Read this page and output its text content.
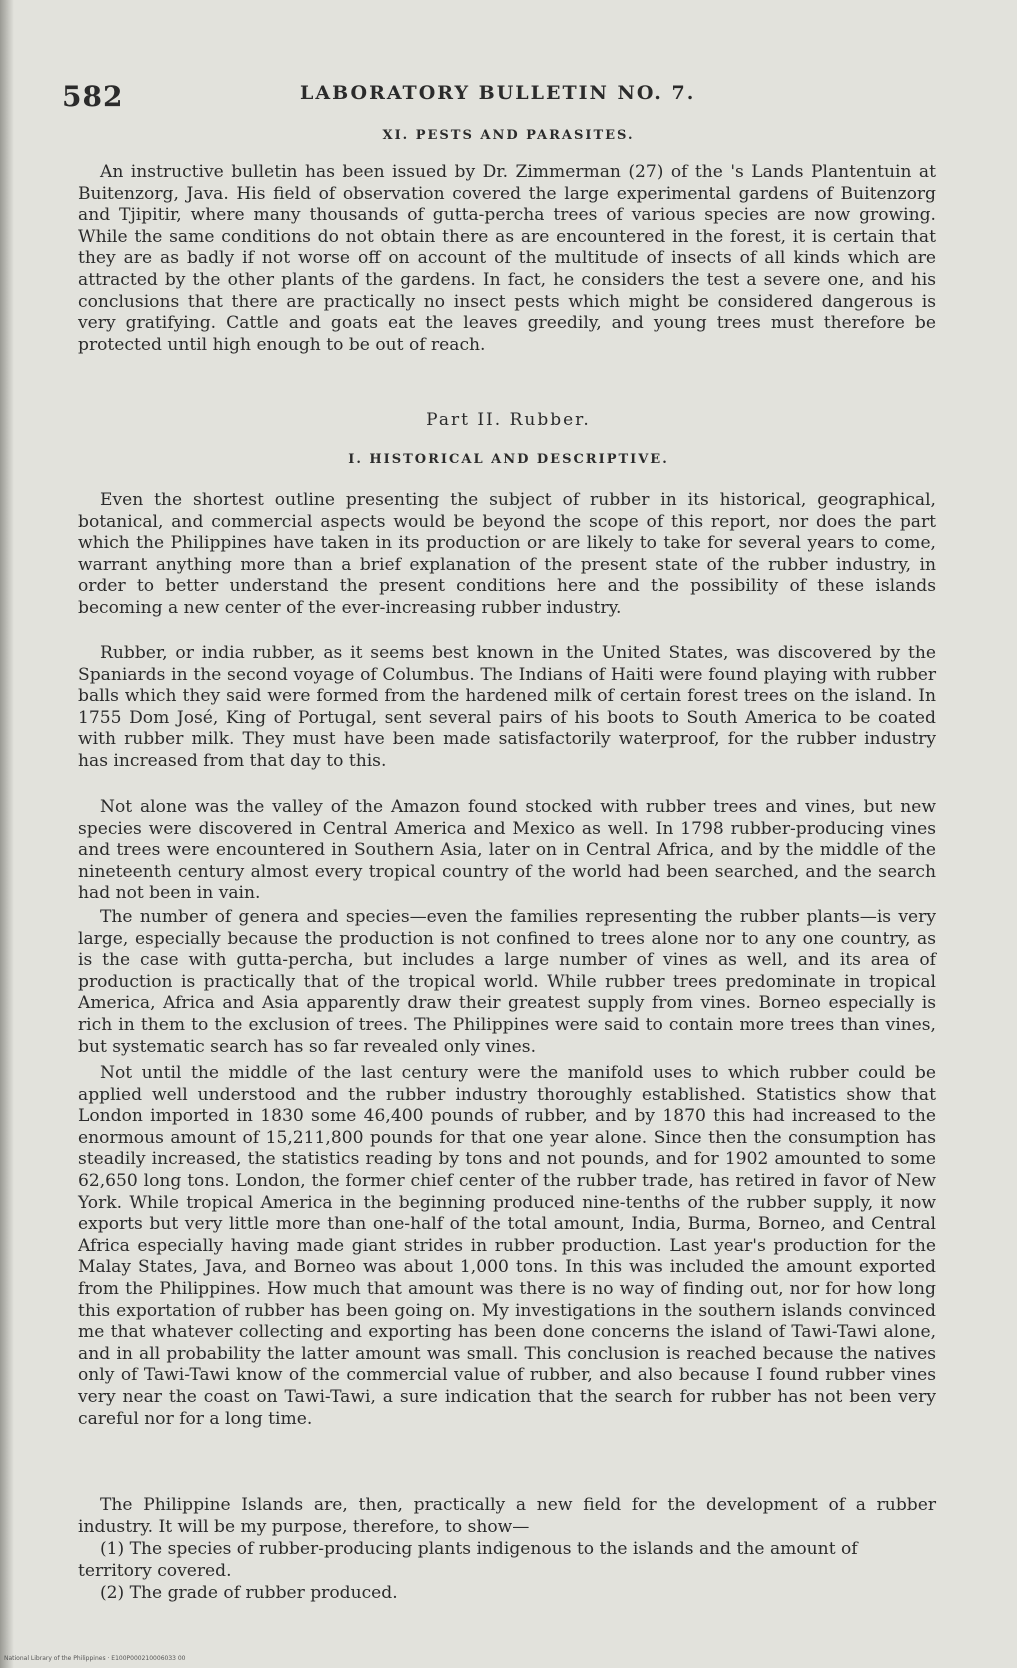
582	LABORATORY BULLETIN NO. 7.

XI. PESTS AND PARASITES.

An instructive bulletin has been issued by Dr. Zimmerman (27) of the 's Lands Plantentuin at Buitenzorg, Java. His field of observation covered the large experimental gardens of Buitenzorg and Tjipitir, where many thousands of gutta-percha trees of various species are now growing. While the same conditions do not obtain there as are encountered in the forest, it is certain that they are as badly if not worse off on account of the multitude of insects of all kinds which are attracted by the other plants of the gardens. In fact, he considers the test a severe one, and his conclusions that there are practically no insect pests which might be considered dangerous is very gratifying. Cattle and goats eat the leaves greedily, and young trees must therefore be protected until high enough to be out of reach.

Part II. Rubber.

I. HISTORICAL AND DESCRIPTIVE.

Even the shortest outline presenting the subject of rubber in its historical, geographical, botanical, and commercial aspects would be beyond the scope of this report, nor does the part which the Philippines have taken in its production or are likely to take for several years to come, warrant anything more than a brief explanation of the present state of the rubber industry, in order to better understand the present conditions here and the possibility of these islands becoming a new center of the ever-increasing rubber industry.

Rubber, or india rubber, as it seems best known in the United States, was discovered by the Spaniards in the second voyage of Columbus. The Indians of Haiti were found playing with rubber balls which they said were formed from the hardened milk of certain forest trees on the island. In 1755 Dom José, King of Portugal, sent several pairs of his boots to South America to be coated with rubber milk. They must have been made satisfactorily waterproof, for the rubber industry has increased from that day to this.

Not alone was the valley of the Amazon found stocked with rubber trees and vines, but new species were discovered in Central America and Mexico as well. In 1798 rubber-producing vines and trees were encountered in Southern Asia, later on in Central Africa, and by the middle of the nineteenth century almost every tropical country of the world had been searched, and the search had not been in vain.

The number of genera and species—even the families representing the rubber plants—is very large, especially because the production is not confined to trees alone nor to any one country, as is the case with gutta-percha, but includes a large number of vines as well, and its area of production is practically that of the tropical world. While rubber trees predominate in tropical America, Africa and Asia apparently draw their greatest supply from vines. Borneo especially is rich in them to the exclusion of trees. The Philippines were said to contain more trees than vines, but systematic search has so far revealed only vines.

Not until the middle of the last century were the manifold uses to which rubber could be applied well understood and the rubber industry thoroughly established. Statistics show that London imported in 1830 some 46,400 pounds of rubber, and by 1870 this had increased to the enormous amount of 15,211,800 pounds for that one year alone. Since then the consumption has steadily increased, the statistics reading by tons and not pounds, and for 1902 amounted to some 62,650 long tons. London, the former chief center of the rubber trade, has retired in favor of New York. While tropical America in the beginning produced nine-tenths of the rubber supply, it now exports but very little more than one-half of the total amount, India, Burma, Borneo, and Central Africa especially having made giant strides in rubber production. Last year's production for the Malay States, Java, and Borneo was about 1,000 tons. In this was included the amount exported from the Philippines. How much that amount was there is no way of finding out, nor for how long this exportation of rubber has been going on. My investigations in the southern islands convinced me that whatever collecting and exporting has been done concerns the island of Tawi-Tawi alone, and in all probability the latter amount was small. This conclusion is reached because the natives only of Tawi-Tawi know of the commercial value of rubber, and also because I found rubber vines very near the coast on Tawi-Tawi, a sure indication that the search for rubber has not been very careful nor for a long time.

The Philippine Islands are, then, practically a new field for the development of a rubber industry. It will be my purpose, therefore, to show—

(1) The species of rubber-producing plants indigenous to the islands and the amount of territory covered.

(2) The grade of rubber produced.

National Library of the Philippines · E100P000210006033 00
